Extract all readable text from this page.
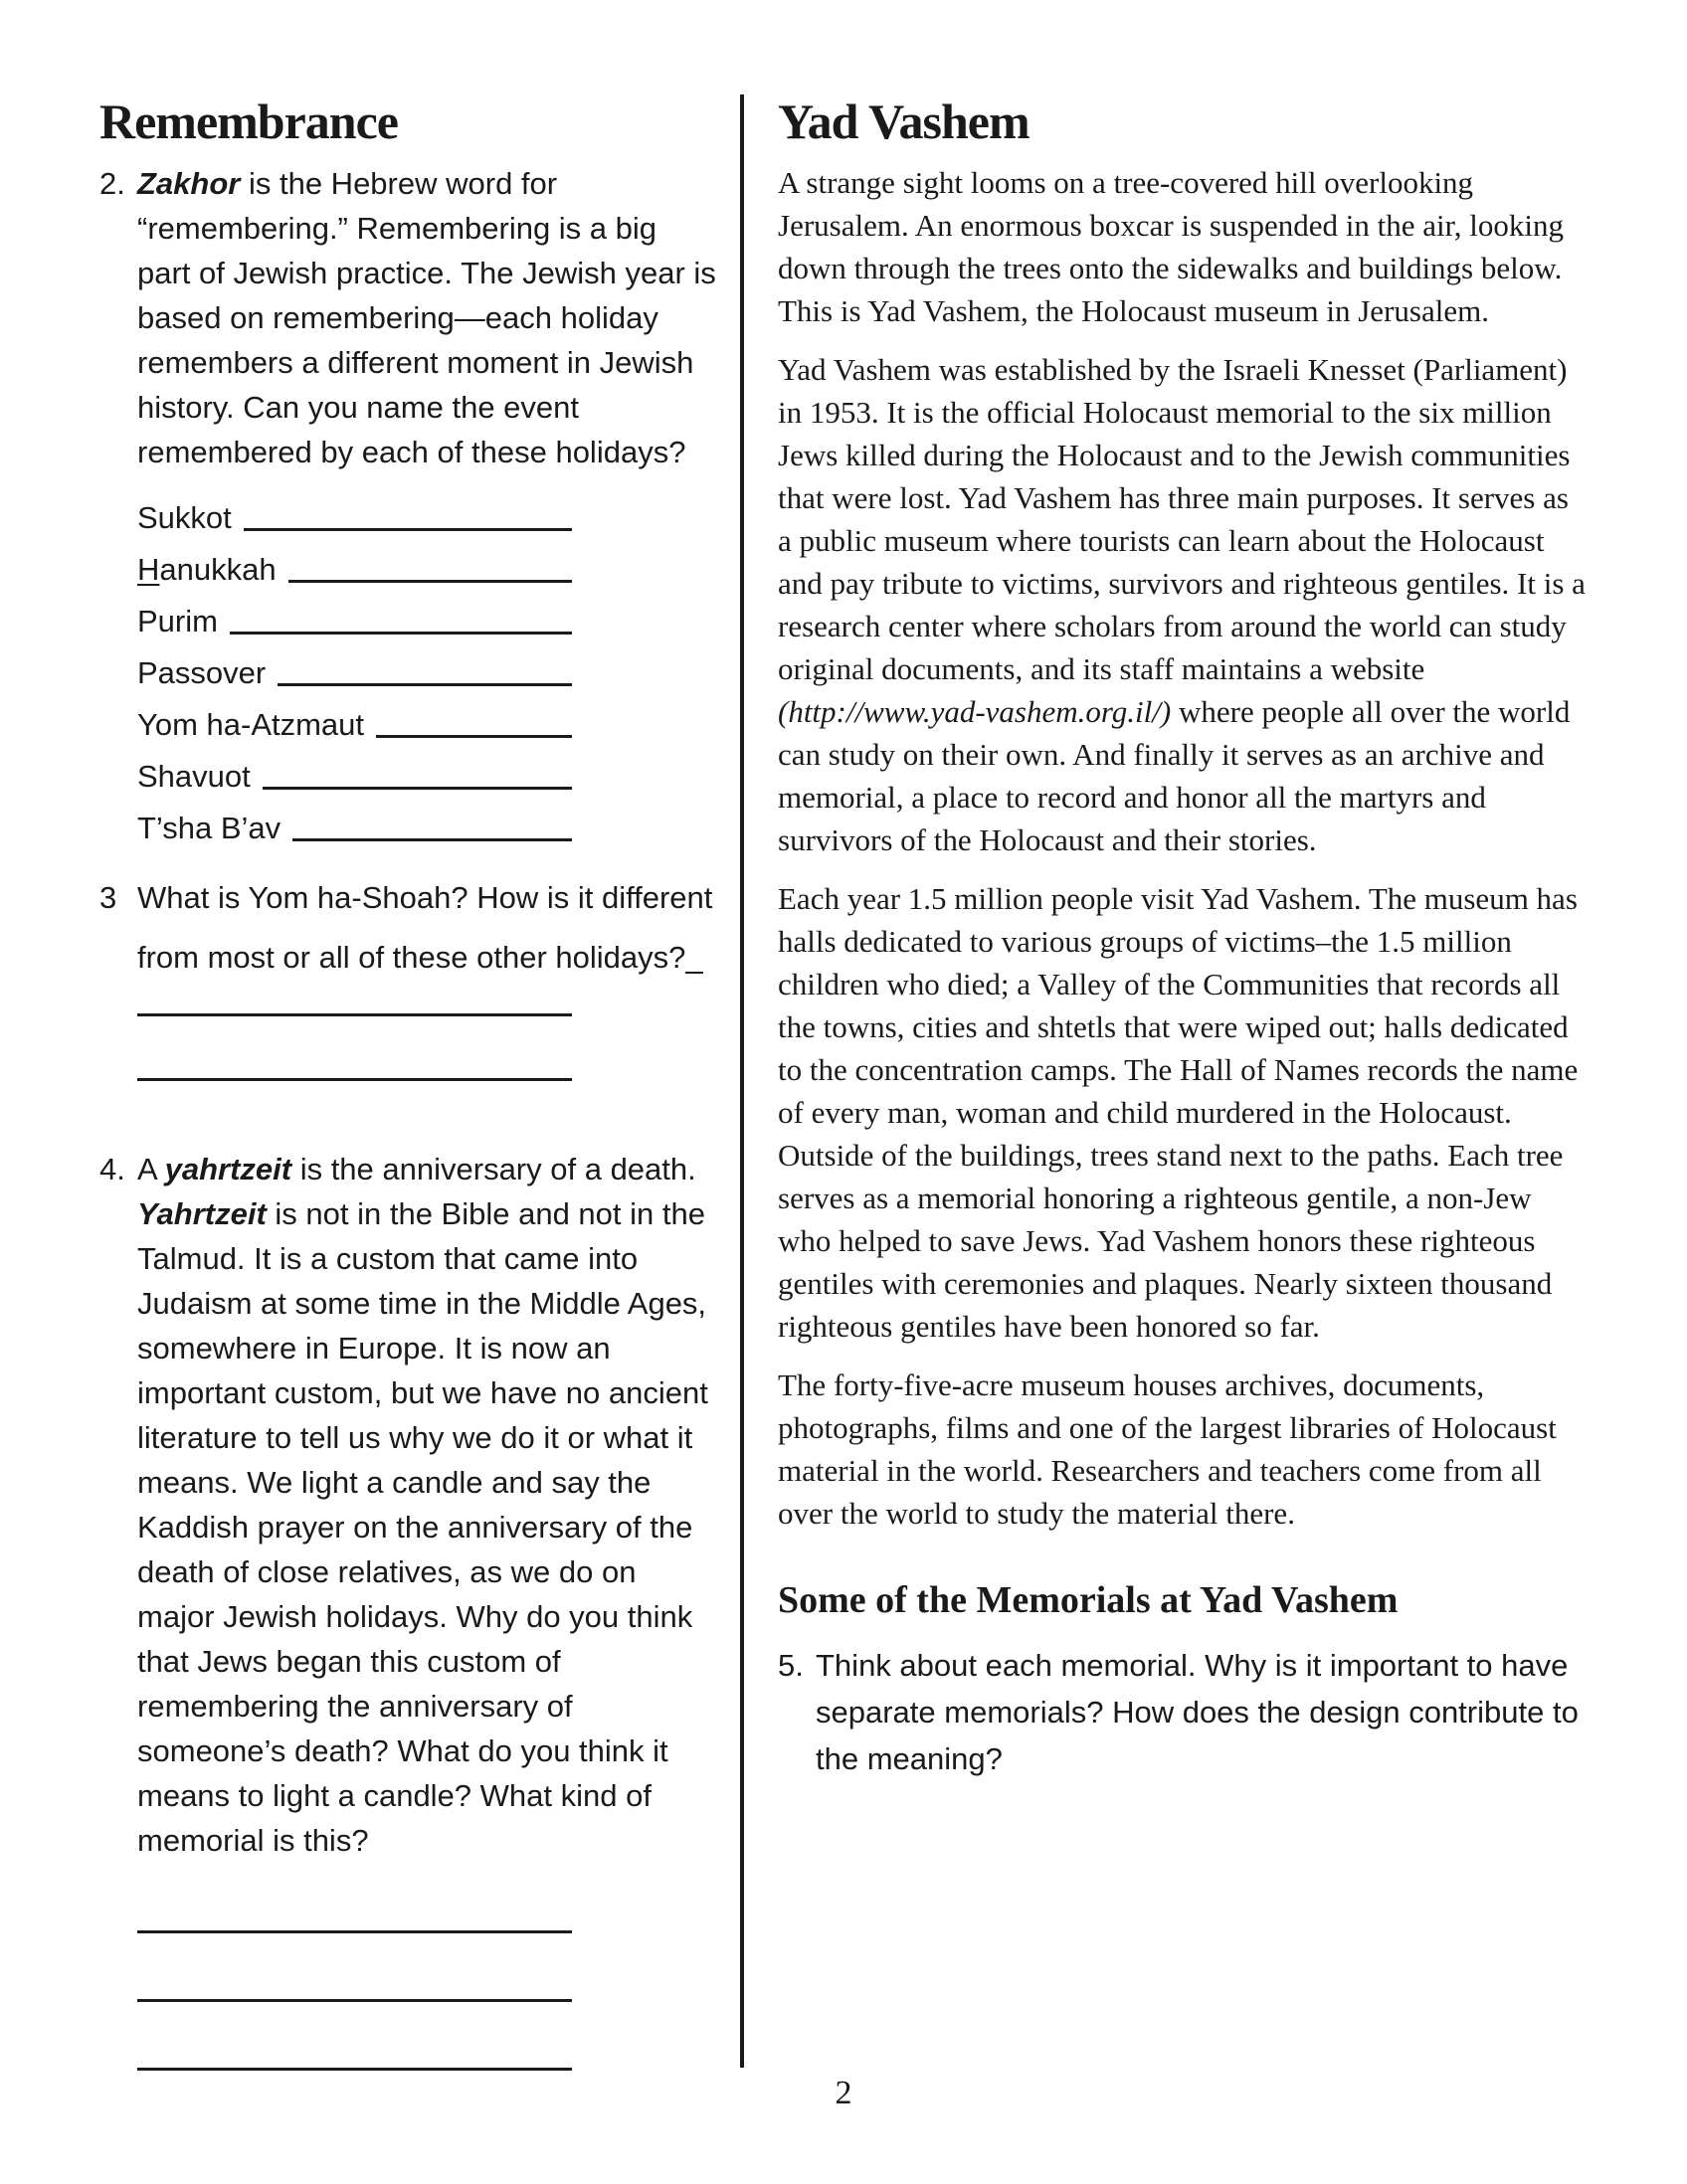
Remembrance

2. Zakhor is the Hebrew word for “remembering.” Remembering is a big part of Jewish practice. The Jewish year is based on remembering—each holiday remembers a different moment in Jewish history. Can you name the event remembered by each of these holidays?

Sukkot
Hanukkah
Purim
Passover
Yom ha-Atzmaut
Shavuot
T’sha B’av

3 What is Yom ha-Shoah? How is it different from most or all of these other holidays?_

4. A yahrtzeit is the anniversary of a death. Yahrtzeit is not in the Bible and not in the Talmud. It is a custom that came into Judaism at some time in the Middle Ages, somewhere in Europe. It is now an important custom, but we have no ancient literature to tell us why we do it or what it means. We light a candle and say the Kaddish prayer on the anniversary of the death of close relatives, as we do on major Jewish holidays. Why do you think that Jews began this custom of remembering the anniversary of someone’s death? What do you think it means to light a candle? What kind of memorial is this?

Yad Vashem

A strange sight looms on a tree-covered hill overlooking Jerusalem. An enormous boxcar is suspended in the air, looking down through the trees onto the sidewalks and buildings below. This is Yad Vashem, the Holocaust museum in Jerusalem.

Yad Vashem was established by the Israeli Knesset (Parliament) in 1953. It is the official Holocaust memorial to the six million Jews killed during the Holocaust and to the Jewish communities that were lost. Yad Vashem has three main purposes. It serves as a public museum where tourists can learn about the Holocaust and pay tribute to victims, survivors and righteous gentiles. It is a research center where scholars from around the world can study original documents, and its staff maintains a website (http://www.yad-vashem.org.il/) where people all over the world can study on their own. And finally it serves as an archive and memorial, a place to record and honor all the martyrs and survivors of the Holocaust and their stories.

Each year 1.5 million people visit Yad Vashem. The museum has halls dedicated to various groups of victims–the 1.5 million children who died; a Valley of the Communities that records all the towns, cities and shtetls that were wiped out; halls dedicated to the concentration camps. The Hall of Names records the name of every man, woman and child murdered in the Holocaust. Outside of the buildings, trees stand next to the paths. Each tree serves as a memorial honoring a righteous gentile, a non-Jew who helped to save Jews. Yad Vashem honors these righteous gentiles with ceremonies and plaques. Nearly sixteen thousand righteous gentiles have been honored so far.

The forty-five-acre museum houses archives, documents, photographs, films and one of the largest libraries of Holocaust material in the world. Researchers and teachers come from all over the world to study the material there.

Some of the Memorials at Yad Vashem

5. Think about each memorial. Why is it important to have separate memorials? How does the design contribute to the meaning?

2
